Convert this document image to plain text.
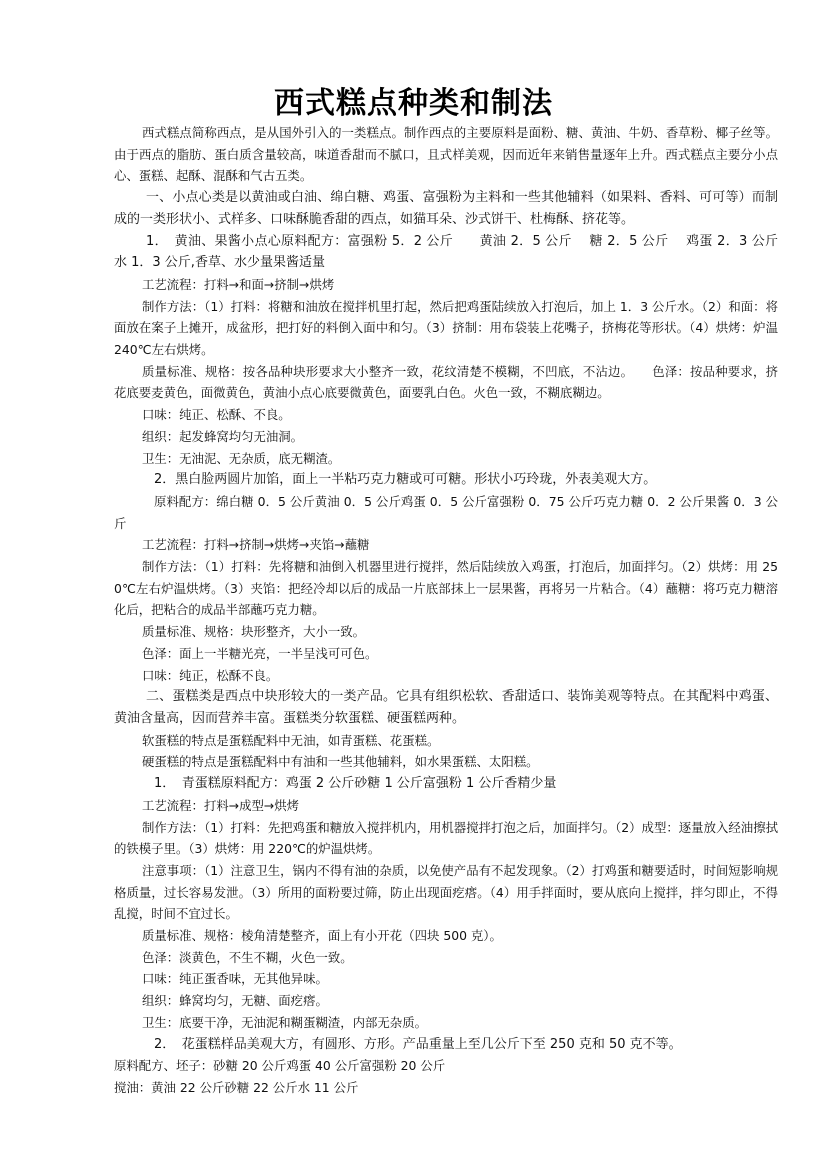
西式糕点种类和制法

西式糕点简称西点，是从国外引入的一类糕点。制作西点的主要原料是面粉、糖、黄油、牛奶、香草粉、椰子丝等。由于西点的脂肪、蛋白质含量较高，味道香甜而不腻口，且式样美观，因而近年来销售量逐年上升。西式糕点主要分小点心、蛋糕、起酥、混酥和气古五类。

一、小点心类是以黄油或白油、绵白糖、鸡蛋、富强粉为主料和一些其他辅料（如果料、香料、可可等）而制成的一类形状小、式样多、口味酥脆香甜的西点，如猫耳朵、沙式饼干、杜梅酥、挤花等。

1．　黄油、果酱小点心原料配方：富强粉 5．2 公斤　　黄油 2．5 公斤　 糖 2．5 公斤　 鸡蛋 2．3 公斤　　　水 1．3 公斤,香草、水少量果酱适量

工艺流程：打料→和面→挤制→烘烤

制作方法：（1）打料：将糖和油放在搅拌机里打起，然后把鸡蛋陆续放入打泡后，加上 1．3 公斤水。（2）和面：将面放在案子上摊开，成盆形，把打好的料倒入面中和匀。（3）挤制：用布袋装上花嘴子，挤梅花等形状。（4）烘烤：炉温 240℃左右烘烤。

质量标准、规格：按各品种块形要求大小整齐一致，花纹清楚不模糊，不凹底，不沾边。　　色泽：按品种要求，挤花底要麦黄色，面微黄色，黄油小点心底要微黄色，面要乳白色。火色一致，不糊底糊边。

口味：纯正、松酥、不良。

组织：起发蜂窝均匀无油洞。

卫生：无油泥、无杂质，底无糊渣。

2．黑白脸两圆片加馅，面上一半粘巧克力糖或可可糖。形状小巧玲珑，外表美观大方。

原料配方：绵白糖 0．5 公斤黄油 0．5 公斤鸡蛋 0．5 公斤富强粉 0．75 公斤巧克力糖 0．2 公斤果酱 0．3 公斤

工艺流程：打料→挤制→烘烤→夹馅→蘸糖

制作方法：（1）打料：先将糖和油倒入机器里进行搅拌，然后陆续放入鸡蛋，打泡后，加面拌匀。（2）烘烤：用 250℃左右炉温烘烤。（3）夹馅：把经冷却以后的成品一片底部抹上一层果酱，再将另一片粘合。（4）蘸糖：将巧克力糖溶化后，把粘合的成品半部蘸巧克力糖。

质量标准、规格：块形整齐，大小一致。

色泽：面上一半糖光亮，一半呈浅可可色。

口味：纯正，松酥不良。

二、蛋糕类是西点中块形较大的一类产品。它具有组织松软、香甜适口、装饰美观等特点。在其配料中鸡蛋、黄油含量高，因而营养丰富。蛋糕类分软蛋糕、硬蛋糕两种。

软蛋糕的特点是蛋糕配料中无油，如青蛋糕、花蛋糕。

硬蛋糕的特点是蛋糕配料中有油和一些其他辅料，如水果蛋糕、太阳糕。

1．　青蛋糕原料配方：鸡蛋 2 公斤砂糖 1 公斤富强粉 1 公斤香精少量

工艺流程：打料→成型→烘烤

制作方法：（1）打料：先把鸡蛋和糖放入搅拌机内，用机器搅拌打泡之后，加面拌匀。（2）成型：逐量放入经油擦拭的铁模子里。（3）烘烤：用 220℃的炉温烘烤。

注意事项：（1）注意卫生，锅内不得有油的杂质，以免使产品有不起发现象。（2）打鸡蛋和糖要适时，时间短影响规格质量，过长容易发泄。（3）所用的面粉要过筛，防止出现面疙瘩。（4）用手拌面时，要从底向上搅拌，拌匀即止，不得乱搅，时间不宜过长。

质量标准、规格：棱角清楚整齐，面上有小开花（四块 500 克）。

色泽：淡黄色，不生不糊，火色一致。

口味：纯正蛋香味，无其他异味。

组织：蜂窝均匀，无糖、面疙瘩。

卫生：底要干净，无油泥和糊蛋糊渣，内部无杂质。

2．　花蛋糕样品美观大方，有圆形、方形。产品重量上至几公斤下至 250 克和 50 克不等。

原料配方、坯子：砂糖 20 公斤鸡蛋 40 公斤富强粉 20 公斤

搅油：黄油 22 公斤砂糖 22 公斤水 11 公斤
